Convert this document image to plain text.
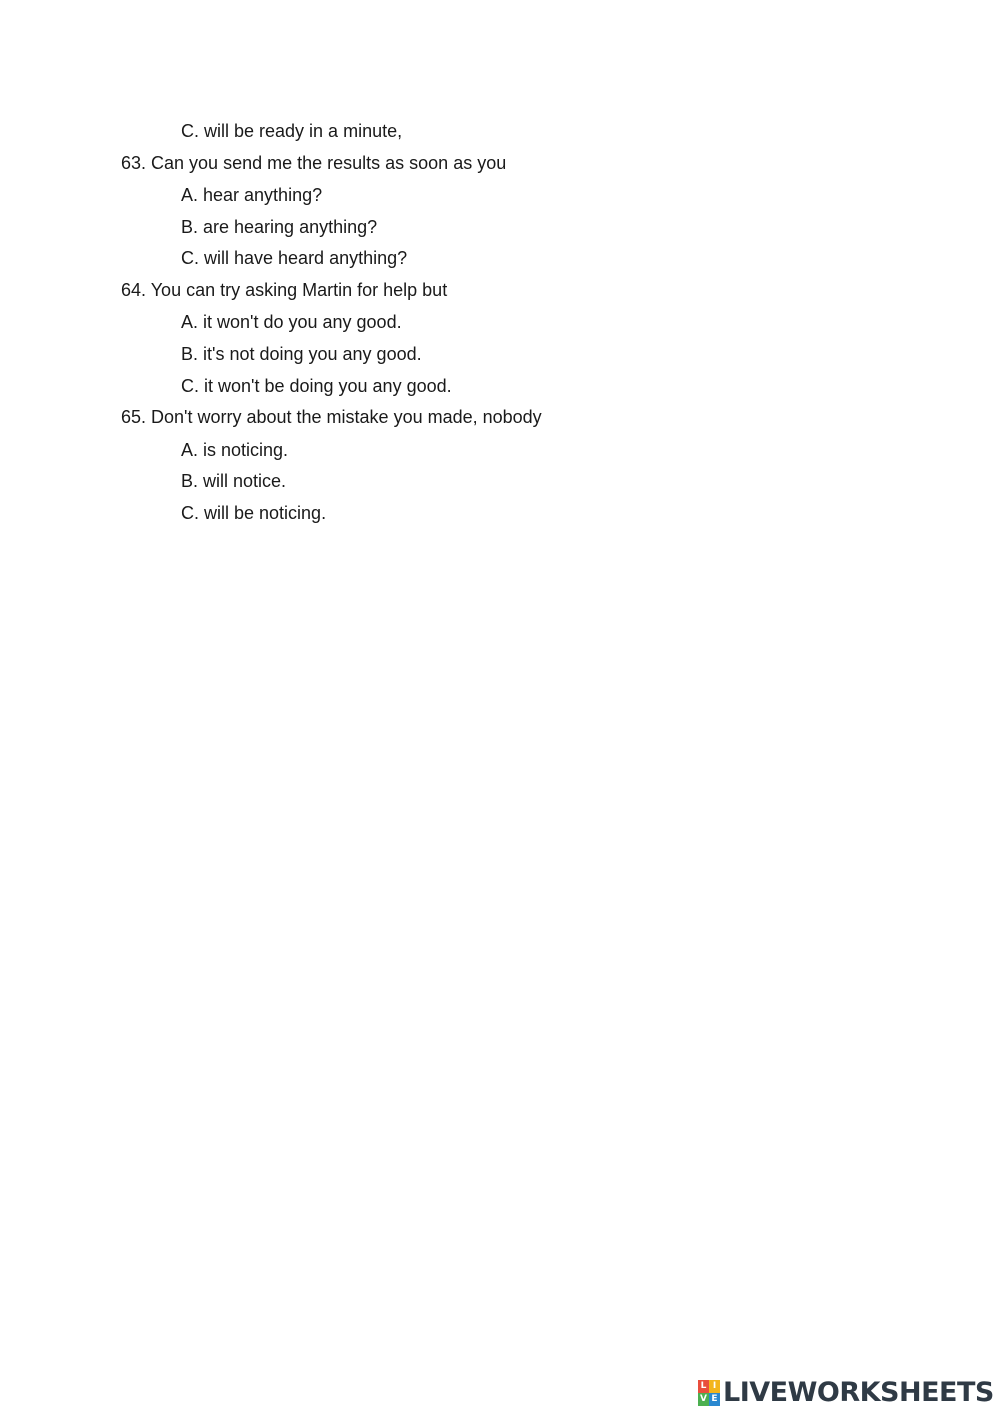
C. will be ready in a minute,
63. Can you send me the results as soon as you
A. hear anything?
B. are hearing anything?
C. will have heard anything?
64. You can try asking Martin for help but
A. it won't do you any good.
B. it's not doing you any good.
C. it won't be doing you any good.
65. Don't worry about the mistake you made, nobody
A. is noticing.
B. will notice.
C. will be noticing.
L I
V E LIVEWORKSHEETS
